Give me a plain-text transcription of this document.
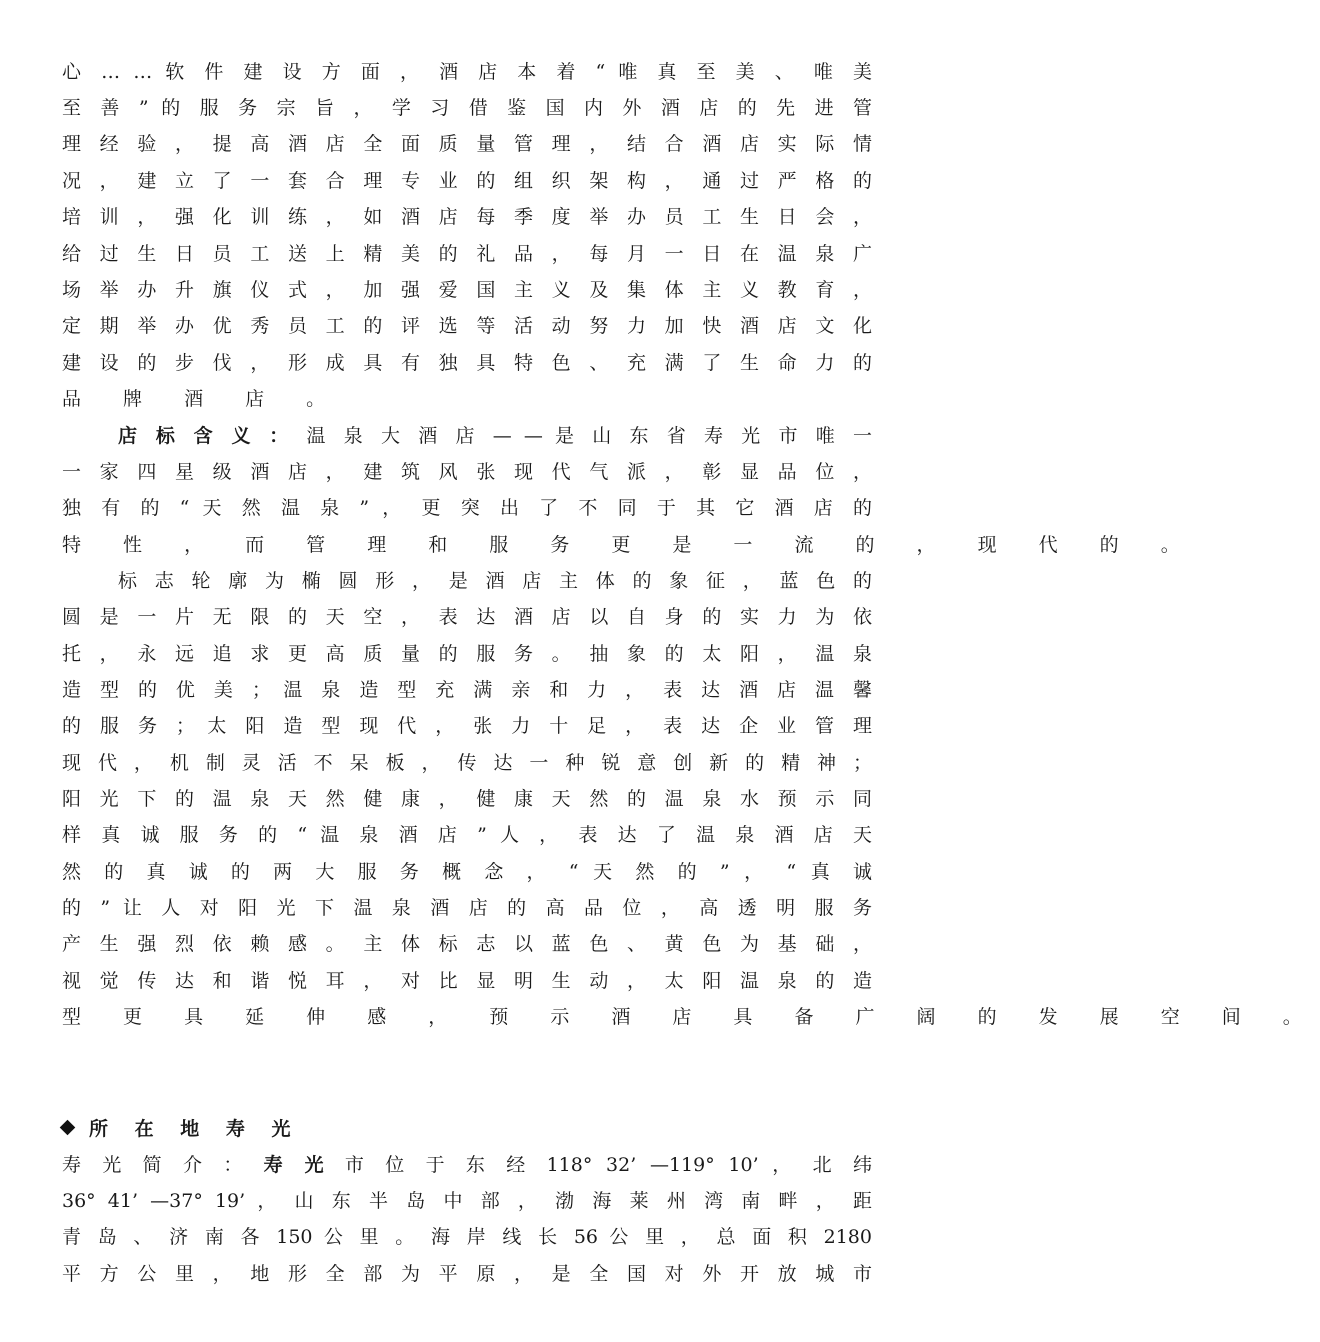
心 … … 软 件 建 设 方 面 ， 酒 店 本 着 “ 唯 真 至 美 、 唯 美
至 善 ” 的 服 务 宗 旨 ， 学 习 借 鉴 国 内 外 酒 店 的 先 进 管
理 经 验 ， 提 高 酒 店 全 面 质 量 管 理 ， 结 合 酒 店 实 际 情
况 ， 建 立 了 一 套 合 理 专 业 的 组 织 架 构 ， 通 过 严 格 的
培 训 ， 强 化 训 练 ， 如 酒 店 每 季 度 举 办 员 工 生 日 会 ，
给 过 生 日 员 工 送 上 精 美 的 礼 品 ， 每 月 一 日 在 温 泉 广
场 举 办 升 旗 仪 式 ， 加 强 爱 国 主 义 及 集 体 主 义 教 育 ，
定 期 举 办 优 秀 员 工 的 评 选 等 活 动 努 力 加 快 酒 店 文 化
建 设 的 步 伐 ， 形 成 具 有 独 具 特 色 、 充 满 了 生 命 力 的
品 牌 酒 店 。
店 标 含 义 ： 温 泉 大 酒 店 — — 是 山 东 省 寿 光 市 唯 一
一 家 四 星 级 酒 店 ， 建 筑 风 张 现 代 气 派 ， 彰 显 品 位 ，
独 有 的 “ 天 然 温 泉 ” ， 更 突 出 了 不 同 于 其 它 酒 店 的
特 性 ， 而 管 理 和 服 务 更 是 一 流 的 ， 现 代 的 。
标 志 轮 廓 为 椭 圆 形 ， 是 酒 店 主 体 的 象 征 ， 蓝 色 的
圆 是 一 片 无 限 的 天 空 ， 表 达 酒 店 以 自 身 的 实 力 为 依
托 ， 永 远 追 求 更 高 质 量 的 服 务 。 抽 象 的 太 阳 ， 温 泉
造 型 的 优 美 ； 温 泉 造 型 充 满 亲 和 力 ， 表 达 酒 店 温 馨
的 服 务 ； 太 阳 造 型 现 代 ， 张 力 十 足 ， 表 达 企 业 管 理
现 代 ， 机 制 灵 活 不 呆 板 ， 传 达 一 种 锐 意 创 新 的 精 神 ；
阳 光 下 的 温 泉 天 然 健 康 ， 健 康 天 然 的 温 泉 水 预 示 同
样 真 诚 服 务 的 “ 温 泉 酒 店 ” 人 ， 表 达 了 温 泉 酒 店 天
然 的 真 诚 的 两 大 服 务 概 念 ， “ 天 然 的 ” ， “ 真 诚
的 ” 让 人 对 阳 光 下 温 泉 酒 店 的 高 品 位 ， 高 透 明 服 务
产 生 强 烈 依 赖 感 。 主 体 标 志 以 蓝 色 、 黄 色 为 基 础 ，
视 觉 传 达 和 谐 悦 耳 ， 对 比 显 明 生 动 ， 太 阳 温 泉 的 造
型 更 具 延 伸 感 ， 预 示 酒 店 具 备 广 阔 的 发 展 空 间 。
所 在 地 寿 光
寿 光 简 介 ： 寿 光 市 位 于 东 经 118° 32’ —119° 10’ ， 北 纬
36° 41’ —37° 19’ ， 山 东 半 岛 中 部 ， 渤 海 莱 州 湾 南 畔 ， 距
青 岛 、 济 南 各 150 公 里 。 海 岸 线 长 56 公 里 ， 总 面 积 2180
平 方 公 里 ， 地 形 全 部 为 平 原 ， 是 全 国 对 外 开 放 城 市
